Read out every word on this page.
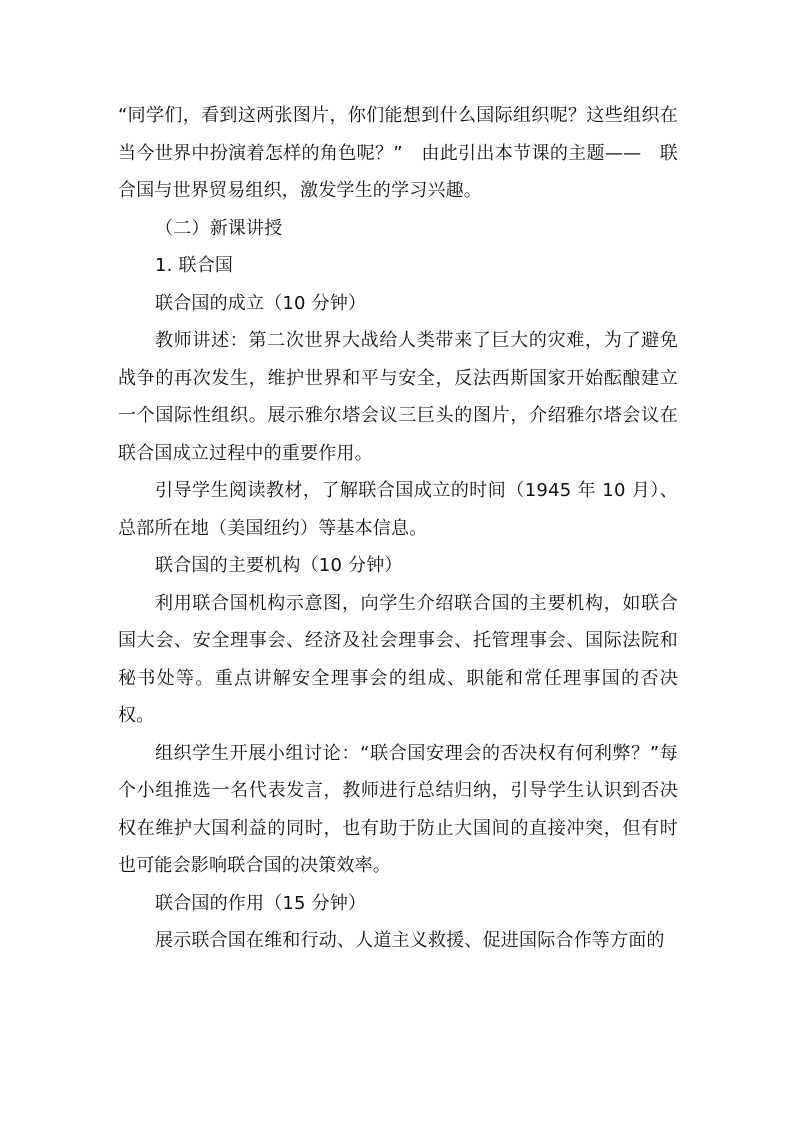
“同学们，看到这两张图片，你们能想到什么国际组织呢？这些组织在当今世界中扮演着怎样的角色呢？”　由此引出本节课的主题——　联合国与世界贸易组织，激发学生的学习兴趣。

（二）新课讲授

1. 联合国

联合国的成立（10 分钟）

教师讲述：第二次世界大战给人类带来了巨大的灾难，为了避免战争的再次发生，维护世界和平与安全，反法西斯国家开始酝酿建立一个国际性组织。展示雅尔塔会议三巨头的图片，介绍雅尔塔会议在联合国成立过程中的重要作用。

引导学生阅读教材，了解联合国成立的时间（1945 年 10 月）、总部所在地（美国纽约）等基本信息。

联合国的主要机构（10 分钟）

利用联合国机构示意图，向学生介绍联合国的主要机构，如联合国大会、安全理事会、经济及社会理事会、托管理事会、国际法院和秘书处等。重点讲解安全理事会的组成、职能和常任理事国的否决权。

组织学生开展小组讨论：“联合国安理会的否决权有何利弊？”每个小组推选一名代表发言，教师进行总结归纳，引导学生认识到否决权在维护大国利益的同时，也有助于防止大国间的直接冲突，但有时也可能会影响联合国的决策效率。

联合国的作用（15 分钟）

展示联合国在维和行动、人道主义救援、促进国际合作等方面的
